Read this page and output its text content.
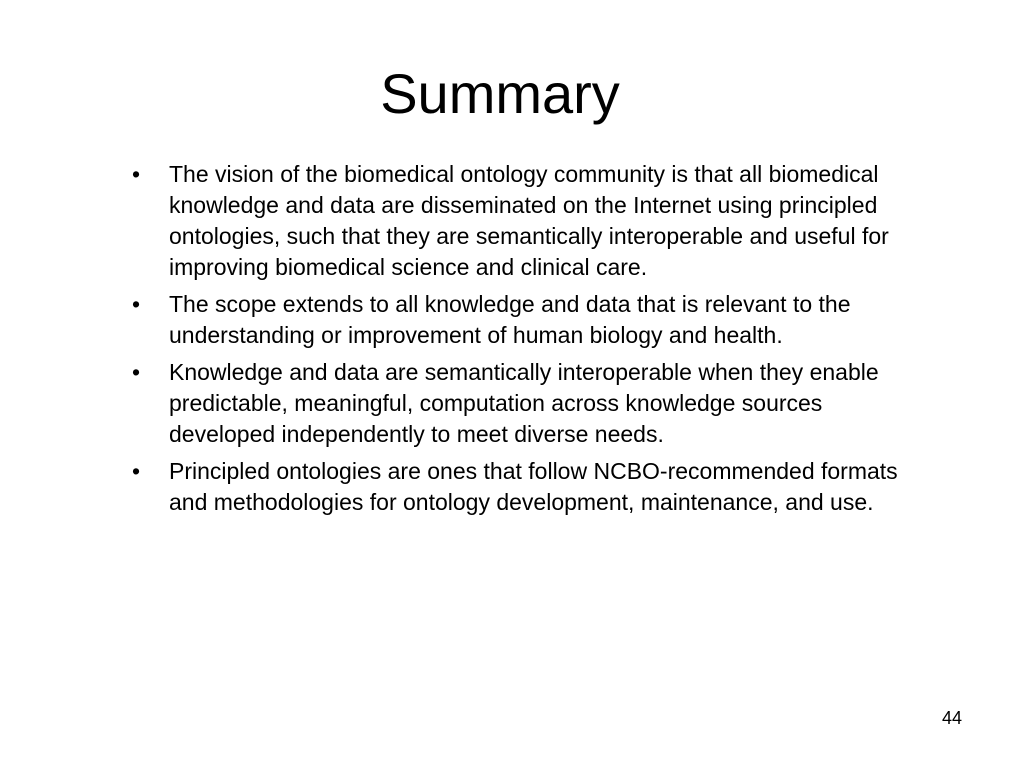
Summary
• The vision of the biomedical ontology community is that all biomedical knowledge and data are disseminated on the Internet using principled ontologies, such that they are semantically interoperable and useful for improving biomedical science and clinical care.
• The scope extends to all knowledge and data that is relevant to the understanding or improvement of human biology and health.
• Knowledge and data are semantically interoperable when they enable predictable, meaningful, computation across knowledge sources developed independently to meet diverse needs.
• Principled ontologies are ones that follow NCBO-recommended formats and methodologies for ontology development, maintenance, and use.
44
